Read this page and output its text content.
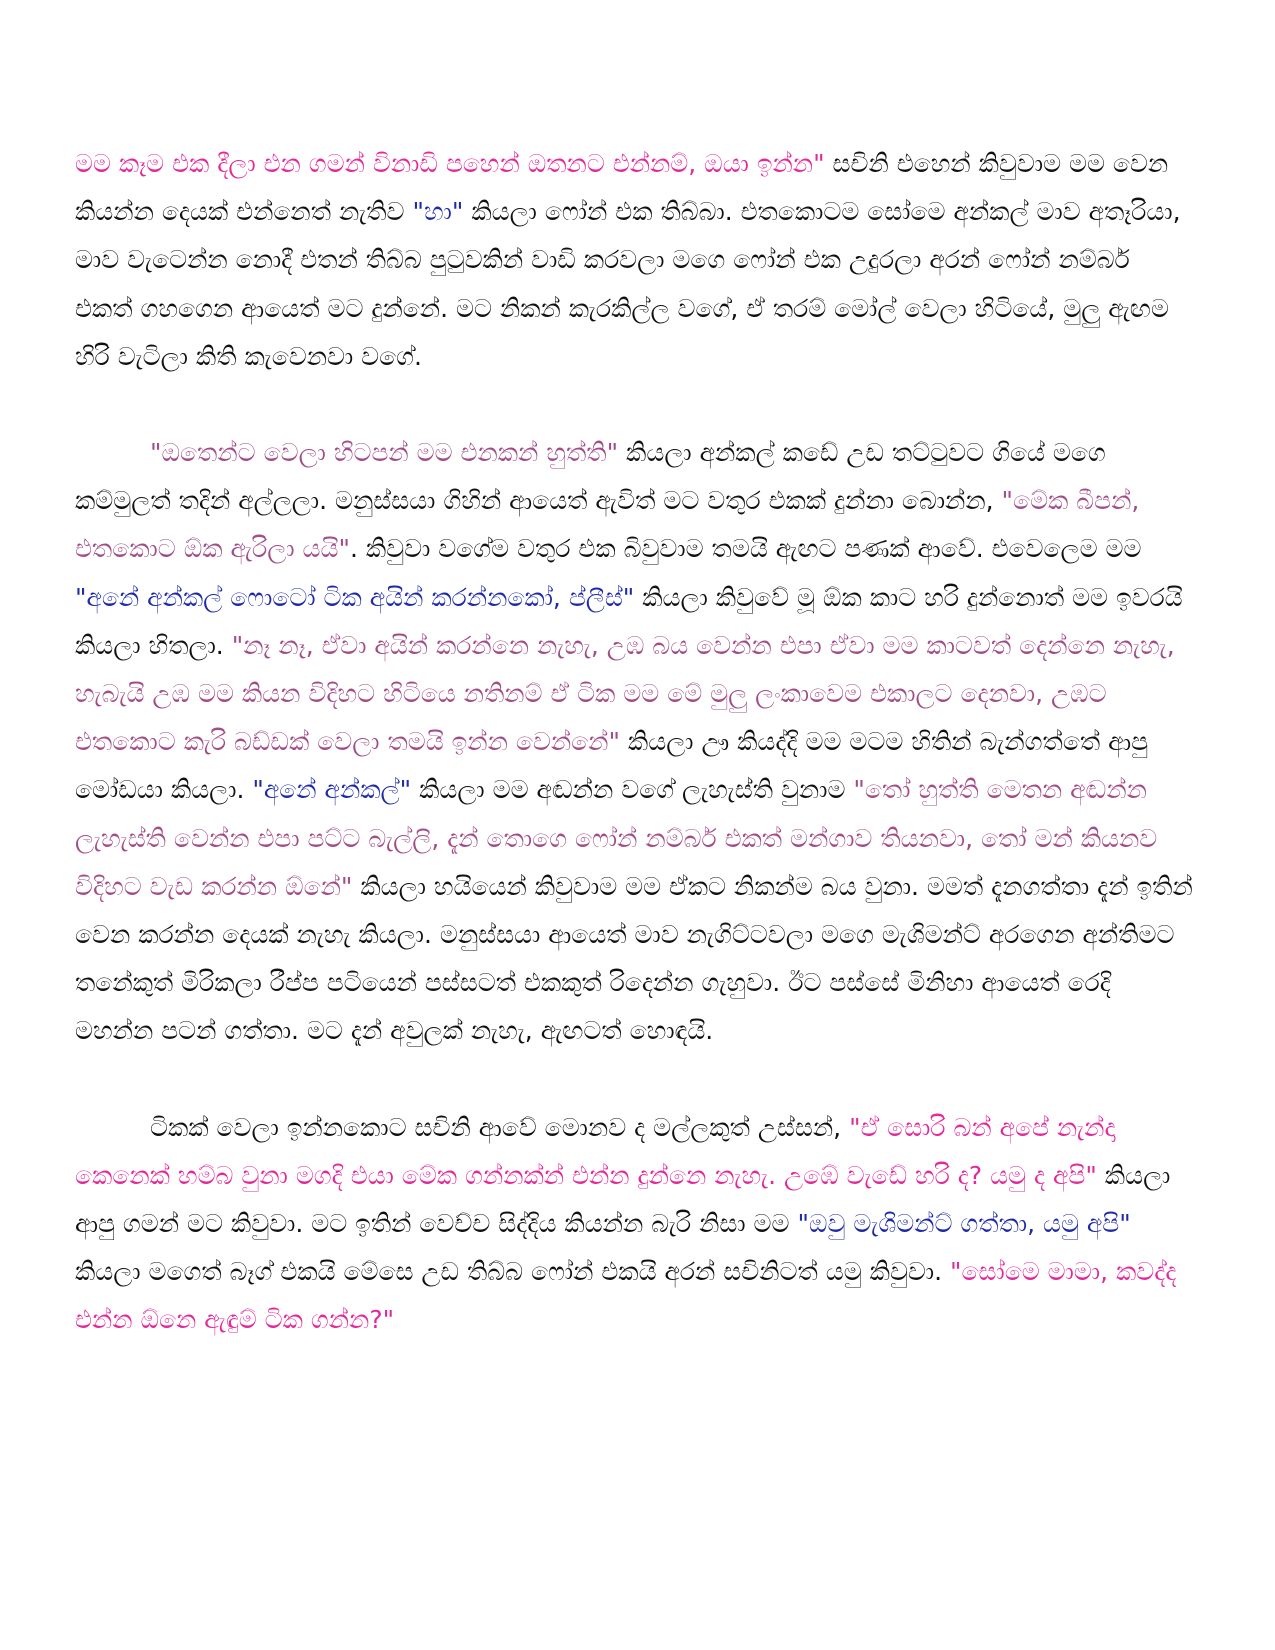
මම කෑම එක දීලා එන ගමන් විනාඩි පහෙන් ඔතනට එන්නම්, ඔයා ඉන්න" සචිනි එහෙන් කිවුවාම මම වෙන කියන්න දෙයක් එන්නෙත් නැතිව "හා" කියලා ෆෝන් එක තිබ්බා. එතකොටම සෝමෙ අන්කල් මාව අතෑරියා, මාව වැටෙන්න නොදී එතන් තිබ්බ පුටුවකින් වාඩි කරවලා මගෙ ෆෝන් එක උදුරලා අරන් ෆෝන් නම්බර් එකත් ගහගෙන ආයෙත් මට දුන්නේ. මට නිකන් කැරකිල්ල වගේ, ඒ තරම් මෝල් වෙලා හිටියේ, මුලු ඇඟම හිරි වැටිලා කිති කැවෙනවා වගේ.

"ඔතෙන්ට වෙලා හිටපන් මම එනකන් හුත්ති" කියලා අන්කල් කඩේ උඩ තට්ටුවට ගියේ මගෙ කම්මුලත් තදින් අල්ලලා. මනුස්සයා ගිහින් ආයෙත් ඇවිත් මට වතුර එකක් දුන්නා බොන්න, "මේක බීපන්, එතකොට ඕක ඇරිලා යයි". කිවුවා වගේම වතුර එක බිවුවාම තමයි ඇඟට පණක් ආවේ. එවෙලෙම මම "අනේ අන්කල් ෆොටෝ ටික අයින් කරන්නකෝ, ප්ලීස්" කියලා කිවුවේ මූ ඕක කාට හරි දුන්නොත් මම ඉවරයි කියලා හිතලා. "නෑ නෑ, ඒවා අයින් කරන්නෙ නැහැ, උඹ බය වෙන්න එපා ඒවා මම කාටවත් දෙන්නෙ නැහැ, හැබැයි උඹ මම කියන විදිහට හිටියෙ නතිනම් ඒ ටික මම මේ මුලු ලංකාවෙම එකාලට දෙනවා, උඹට එතකොට කැරි බඩ්ඩක් වෙලා තමයි ඉන්න වෙන්නේ" කියලා ඌ කියද්දි මම මටම හිතින් බැන්ගත්තේ ආපු මෝඩයා කියලා. "අනේ අන්කල්" කියලා මම අඬන්න වගේ ලැහැස්ති වුනාම "තෝ හුත්ති මෙතන අඬන්න ලැහැස්ති වෙන්න එපා පට්ට බැල්ලි, දැන් තොගෙ ෆෝන් නම්බර් එකත් මන්ගාව තියනවා, තෝ මන් කියනව විදිහට වැඩ කරන්න ඕනේ" කියලා හයියෙන් කිවුවාම මම ඒකට නිකන්ම බය වුනා. මමත් දැනගත්තා දැන් ඉතින් වෙන කරන්න දෙයක් නැහැ කියලා. මනුස්සයා ආයෙත් මාව නැගිට්ටවලා මගෙ මැශිමන්ට් අරගෙන අන්තිමට තනේකුත් මිරිකලා රීප්ප පටියෙන් පස්සටත් එකකුත් රිදෙන්න ගැහුවා. ඊට පස්සේ මිනිහා ආයෙත් රෙදි මහන්න පටන් ගත්තා. මට දැන් අවුලක් නැහැ, ඇඟටත් හොඳයි.

ටිකක් වෙලා ඉන්නකොට සචිනි ආවේ මොනව ද මල්ලකුත් උස්සන්, "ඒ සොරි බන් අපේ නැන්දා කෙනෙක් හම්බ වුනා මගදි එයා මේක ගන්නක්න් එන්න දුන්නෙ නැහැ. උඹේ වැඩේ හරි ද? යමු ද අපි" කියලා ආපු ගමන් මට කිවුවා. මට ඉතින් වෙච්ච සිද්දිය කියන්න බැරි නිසා මම "ඔවු මැශිමන්ට් ගත්තා, යමු අපි" කියලා මගෙත් බෑග් එකයි මේසෙ උඩ තිබ්බ ෆෝන් එකයි අරන් සචිනිටත් යමු කිවුවා. "සෝමෙ මාමා, කවද්ද එන්න ඕනෙ ඇඳුම් ටික ගන්න?"
